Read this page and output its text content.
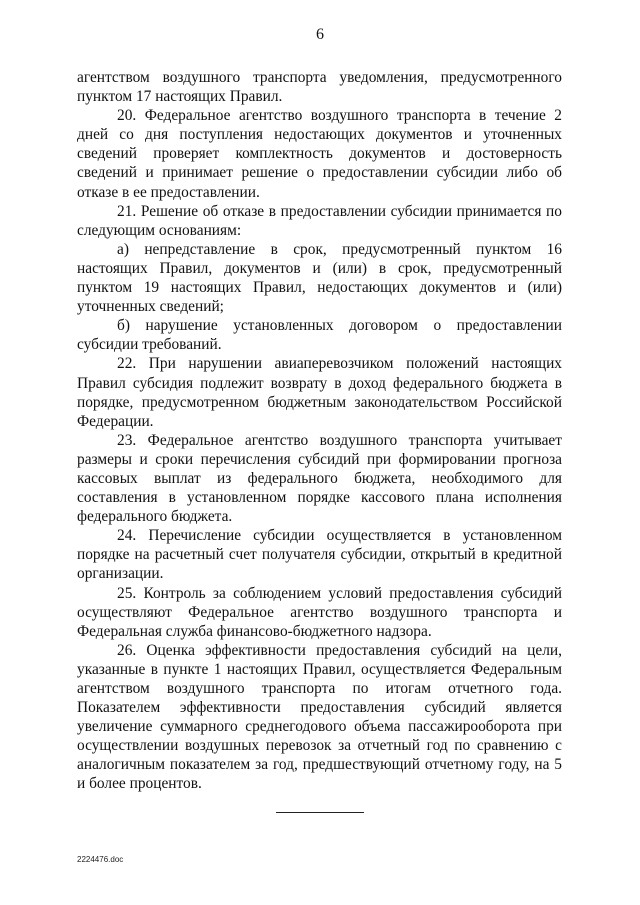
6

агентством воздушного транспорта уведомления, предусмотренного пунктом 17 настоящих Правил.

20. Федеральное агентство воздушного транспорта в течение 2 дней со дня поступления недостающих документов и уточненных сведений проверяет комплектность документов и достоверность сведений и принимает решение о предоставлении субсидии либо об отказе в ее предоставлении.

21. Решение об отказе в предоставлении субсидии принимается по следующим основаниям:

а) непредставление в срок, предусмотренный пунктом 16 настоящих Правил, документов и (или) в срок, предусмотренный пунктом 19 настоящих Правил, недостающих документов и (или) уточненных сведений;

б) нарушение установленных договором о предоставлении субсидии требований.

22. При нарушении авиаперевозчиком положений настоящих Правил субсидия подлежит возврату в доход федерального бюджета в порядке, предусмотренном бюджетным законодательством Российской Федерации.

23. Федеральное агентство воздушного транспорта учитывает размеры и сроки перечисления субсидий при формировании прогноза кассовых выплат из федерального бюджета, необходимого для составления в установленном порядке кассового плана исполнения федерального бюджета.

24. Перечисление субсидии осуществляется в установленном порядке на расчетный счет получателя субсидии, открытый в кредитной организации.

25. Контроль за соблюдением условий предоставления субсидий осуществляют Федеральное агентство воздушного транспорта и Федеральная служба финансово-бюджетного надзора.

26. Оценка эффективности предоставления субсидий на цели, указанные в пункте 1 настоящих Правил, осуществляется Федеральным агентством воздушного транспорта по итогам отчетного года. Показателем эффективности предоставления субсидий является увеличение суммарного среднегодового объема пассажирооборота при осуществлении воздушных перевозок за отчетный год по сравнению с аналогичным показателем за год, предшествующий отчетному году, на 5 и более процентов.

2224476.doc
